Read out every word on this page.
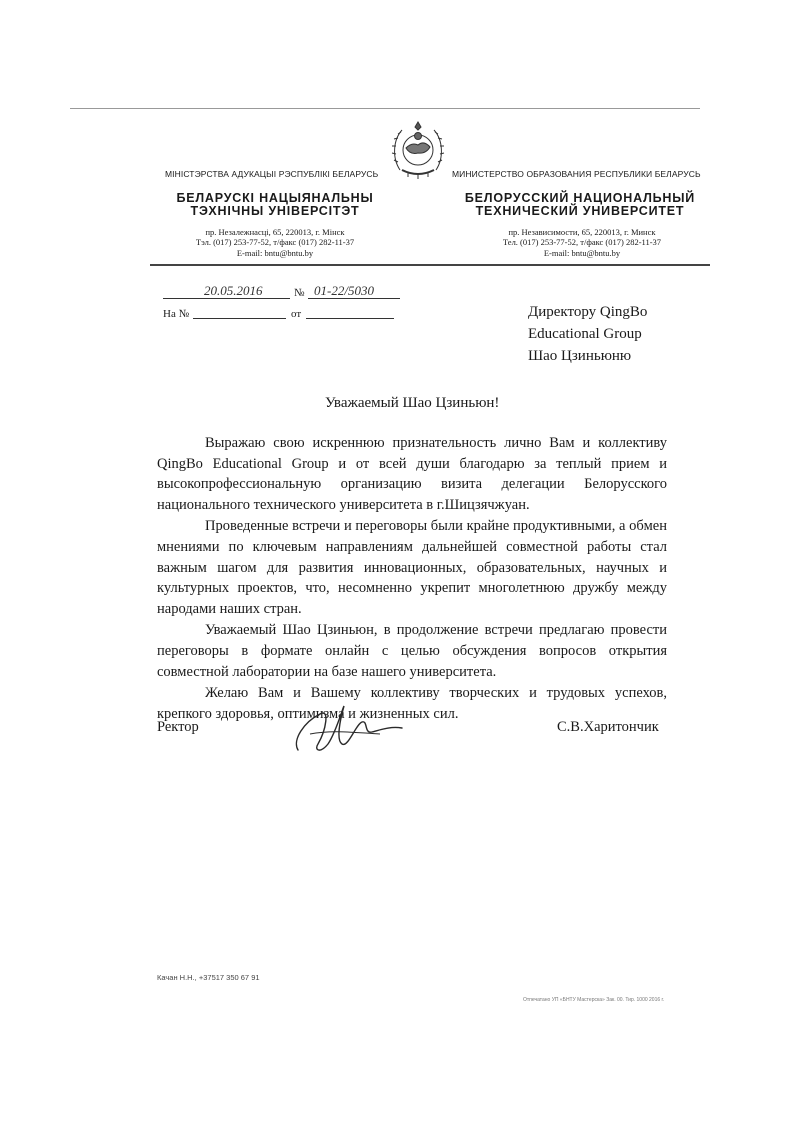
МІНІСТЭРСТВА АДУКАЦЫІ РЭСПУБЛІКІ БЕЛАРУСЬ
БЕЛАРУСКІ НАЦЫЯНАЛЬНЫ
ТЭХНІЧНЫ УНІВЕРСІТЭТ
пр. Незалежнасці, 65, 220013, г. Мінск
Тэл. (017) 253-77-52, т/факс (017) 282-11-37
E-mail: bntu@bntu.by
МИНИСТЕРСТВО ОБРАЗОВАНИЯ РЕСПУБЛИКИ БЕЛАРУСЬ
БЕЛОРУССКИЙ НАЦИОНАЛЬНЫЙ
ТЕХНИЧЕСКИЙ УНИВЕРСИТЕТ
пр. Независимости, 65, 220013, г. Минск
Тел. (017) 253-77-52, т/факс (017) 282-11-37
E-mail: bntu@bntu.by
20.05.2016	№ 01-22/5030
На №	от	Директору QingBo
Educational Group
Шао Цзиньюню
Уважаемый Шао Цзиньюн!

Выражаю свою искреннюю признательность лично Вам и коллективу QingBo Educational Group и от всей души благодарю за теплый прием и высокопрофессиональную организацию визита делегации Белорусского национального технического университета в г.Шицзячжуан.

Проведенные встречи и переговоры были крайне продуктивными, а обмен мнениями по ключевым направлениям дальнейшей совместной работы стал важным шагом для развития инновационных, образовательных, научных и культурных проектов, что, несомненно укрепит многолетнюю дружбу между народами наших стран.

Уважаемый Шао Цзиньюн, в продолжение встречи предлагаю провести переговоры в формате онлайн с целью обсуждения вопросов открытия совместной лаборатории на базе нашего университета.

Желаю Вам и Вашему коллективу творческих и трудовых успехов, крепкого здоровья, оптимизма и жизненных сил.

Ректор	С.В.Харитончик
Качан Н.Н., +37517 350 67 91
Отпечатано УП «БНТУ Мастерска» Зак. 00. Тир. 1000 2016 г.
